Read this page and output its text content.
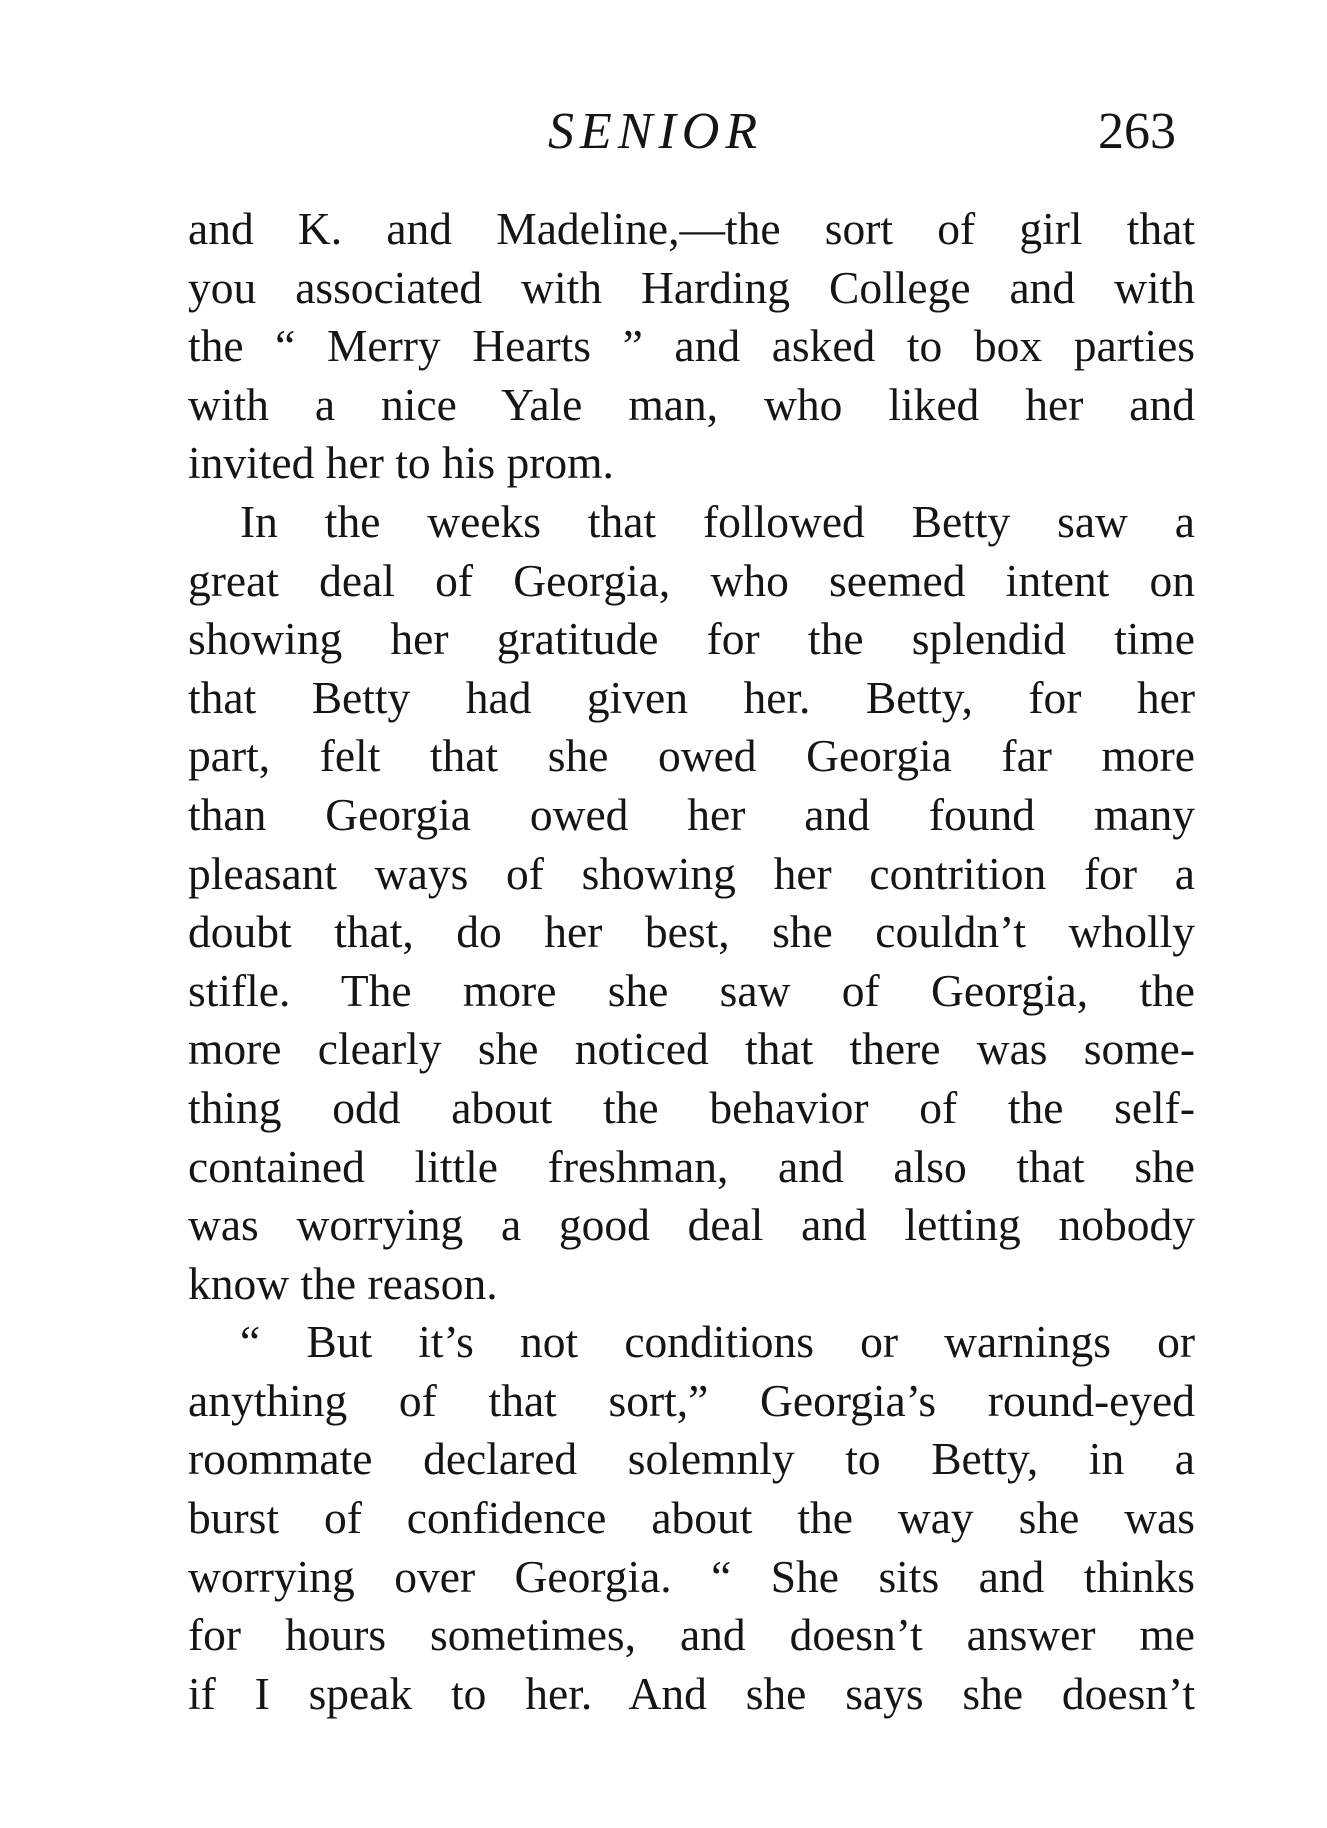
SENIOR	263
and K. and Madeline,—the sort of girl that
you associated with Harding College and with
the “ Merry Hearts ” and asked to box parties
with a nice Yale man, who liked her and
invited her to his prom.
In the weeks that followed Betty saw a
great deal of Georgia, who seemed intent on
showing her gratitude for the splendid time
that Betty had given her. Betty, for her
part, felt that she owed Georgia far more
than Georgia owed her and found many
pleasant ways of showing her contrition for a
doubt that, do her best, she couldn’t wholly
stifle. The more she saw of Georgia, the
more clearly she noticed that there was some-
thing odd about the behavior of the self-
contained little freshman, and also that she
was worrying a good deal and letting nobody
know the reason.
“ But it’s not conditions or warnings or
anything of that sort,” Georgia’s round-eyed
roommate declared solemnly to Betty, in a
burst of confidence about the way she was
worrying over Georgia. “ She sits and thinks
for hours sometimes, and doesn’t answer me
if I speak to her. And she says she doesn’t
